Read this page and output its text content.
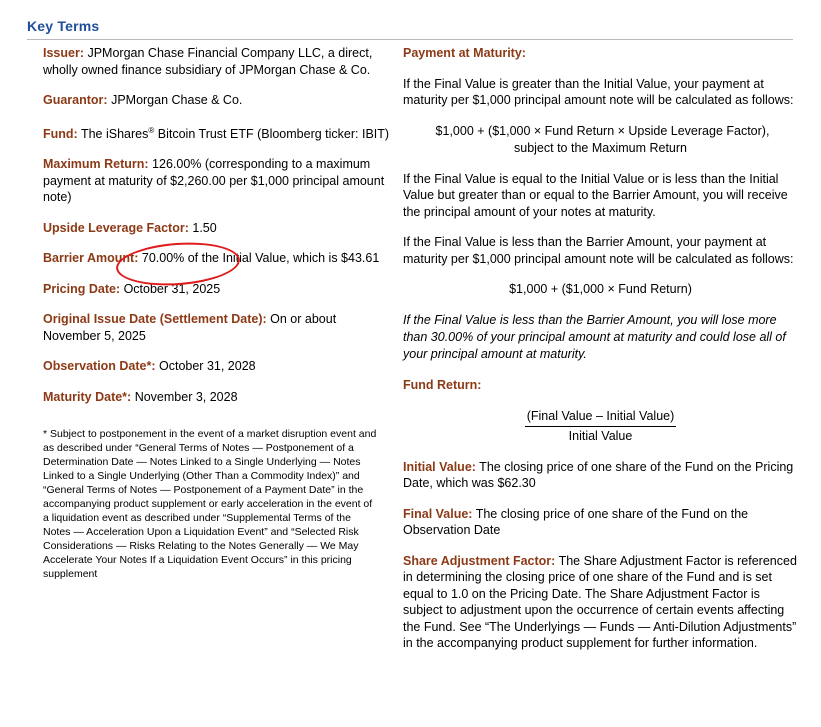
Key Terms

Issuer: JPMorgan Chase Financial Company LLC, a direct, wholly owned finance subsidiary of JPMorgan Chase & Co.

Guarantor: JPMorgan Chase & Co.

Fund: The iShares® Bitcoin Trust ETF (Bloomberg ticker: IBIT)

Maximum Return: 126.00% (corresponding to a maximum payment at maturity of $2,260.00 per $1,000 principal amount note)

Upside Leverage Factor: 1.50

Barrier Amount: 70.00% of the Initial Value, which is $43.61

Pricing Date: October 31, 2025

Original Issue Date (Settlement Date): On or about November 5, 2025

Observation Date*: October 31, 2028

Maturity Date*: November 3, 2028

* Subject to postponement in the event of a market disruption event and as described under “General Terms of Notes — Postponement of a Determination Date — Notes Linked to a Single Underlying — Notes Linked to a Single Underlying (Other Than a Commodity Index)” and “General Terms of Notes — Postponement of a Payment Date” in the accompanying product supplement or early acceleration in the event of a liquidation event as described under “Supplemental Terms of the Notes — Acceleration Upon a Liquidation Event” and “Selected Risk Considerations — Risks Relating to the Notes Generally — We May Accelerate Your Notes If a Liquidation Event Occurs” in this pricing supplement

Payment at Maturity:

If the Final Value is greater than the Initial Value, your payment at maturity per $1,000 principal amount note will be calculated as follows:

$1,000 + ($1,000 × Fund Return × Upside Leverage Factor),
subject to the Maximum Return

If the Final Value is equal to the Initial Value or is less than the Initial Value but greater than or equal to the Barrier Amount, you will receive the principal amount of your notes at maturity.

If the Final Value is less than the Barrier Amount, your payment at maturity per $1,000 principal amount note will be calculated as follows:

$1,000 + ($1,000 × Fund Return)

If the Final Value is less than the Barrier Amount, you will lose more than 30.00% of your principal amount at maturity and could lose all of your principal amount at maturity.

Fund Return:

(Final Value – Initial Value)
Initial Value

Initial Value: The closing price of one share of the Fund on the Pricing Date, which was $62.30

Final Value: The closing price of one share of the Fund on the Observation Date

Share Adjustment Factor: The Share Adjustment Factor is referenced in determining the closing price of one share of the Fund and is set equal to 1.0 on the Pricing Date. The Share Adjustment Factor is subject to adjustment upon the occurrence of certain events affecting the Fund. See “The Underlyings — Funds — Anti-Dilution Adjustments” in the accompanying product supplement for further information.
